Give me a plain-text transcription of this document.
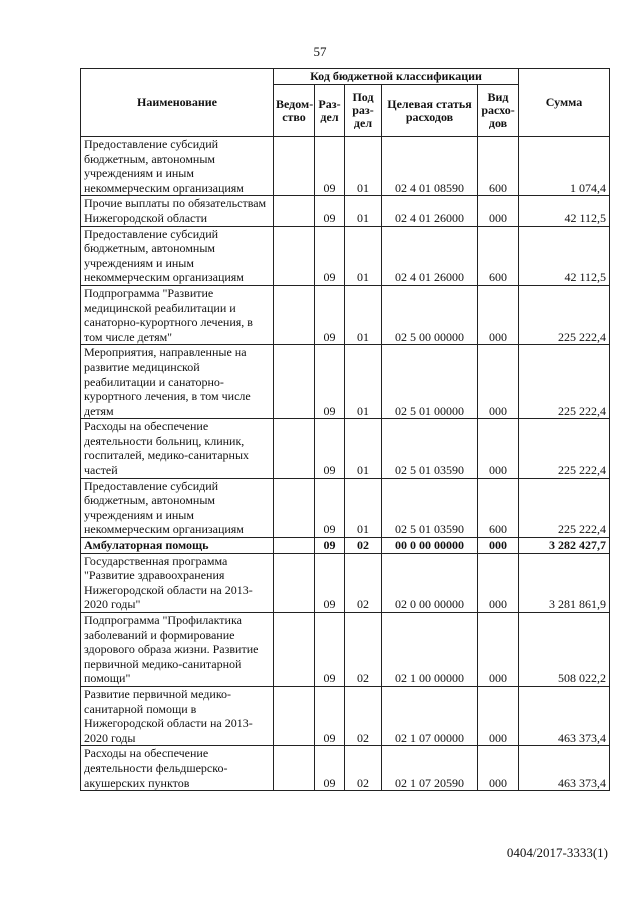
57
Наименование	Код бюджетной классификации					Сумма
	Ведом-ство	Раз-дел	Под раз-дел	Целевая статья расходов	Вид расхо-дов	
Предоставление субсидий бюджетным, автономным учреждениям и иным некоммерческим организациям		09	01	02 4 01 08590	600	1 074,4
Прочие выплаты по обязательствам Нижегородской области		09	01	02 4 01 26000	000	42 112,5
Предоставление субсидий бюджетным, автономным учреждениям и иным некоммерческим организациям		09	01	02 4 01 26000	600	42 112,5
Подпрограмма "Развитие медицинской реабилитации и санаторно-курортного лечения, в том числе детям"		09	01	02 5 00 00000	000	225 222,4
Мероприятия, направленные на развитие медицинской реабилитации и санаторно-курортного лечения, в том числе детям		09	01	02 5 01 00000	000	225 222,4
Расходы на обеспечение деятельности больниц, клиник, госпиталей, медико-санитарных частей		09	01	02 5 01 03590	000	225 222,4
Предоставление субсидий бюджетным, автономным учреждениям и иным некоммерческим организациям		09	01	02 5 01 03590	600	225 222,4
Амбулаторная помощь		09	02	00 0 00 00000	000	3 282 427,7
Государственная программа "Развитие здравоохранения Нижегородской области на 2013-2020 годы"		09	02	02 0 00 00000	000	3 281 861,9
Подпрограмма "Профилактика заболеваний и формирование здорового образа жизни. Развитие первичной медико-санитарной помощи"		09	02	02 1 00 00000	000	508 022,2
Развитие первичной медико-санитарной помощи в Нижегородской области на 2013-2020 годы		09	02	02 1 07 00000	000	463 373,4
Расходы на обеспечение деятельности фельдшерско-акушерских пунктов		09	02	02 1 07 20590	000	463 373,4
0404/2017-3333(1)
